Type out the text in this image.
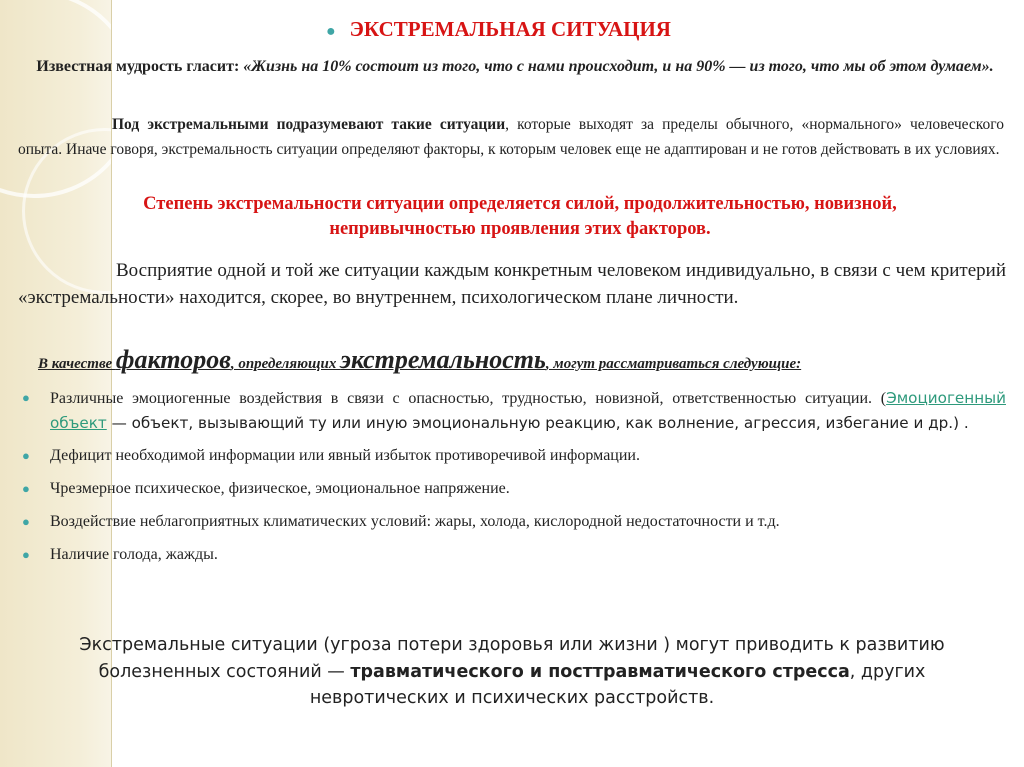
● ЭКСТРЕМАЛЬНАЯ СИТУАЦИЯ
Известная мудрость гласит: «Жизнь на 10% состоит из того, что с нами происходит, и на 90% — из того, что мы об этом думаем».
Под экстремальными подразумевают такие ситуации, которые выходят за пределы обычного, «нормального» человеческого опыта. Иначе говоря, экстремальность ситуации определяют факторы, к которым человек еще не адаптирован и не готов действовать в их условиях.
Степень экстремальности ситуации определяется силой, продолжительностью, новизной, непривычностью проявления этих факторов.
Восприятие одной и той же ситуации каждым конкретным человеком индивидуально, в связи с чем критерий «экстремальности» находится, скорее, во внутреннем, психологическом плане личности.
В качестве факторов, определяющих экстремальность, могут рассматриваться следующие:
● Различные эмоциогенные воздействия в связи с опасностью, трудностью, новизной, ответственностью ситуации. (Эмоциогенный объект — объект, вызывающий ту или иную эмоциональную реакцию, как волнение, агрессия, избегание и др.) .
● Дефицит необходимой информации или явный избыток противоречивой информации.
● Чрезмерное психическое, физическое, эмоциональное напряжение.
● Воздействие неблагоприятных климатических условий: жары, холода, кислородной недостаточности и т.д.
● Наличие голода, жажды.
Экстремальные ситуации (угроза потери здоровья или жизни ) могут приводить к развитию болезненных состояний — травматического и посттравматического стресса, других невротических и психических расстройств.
